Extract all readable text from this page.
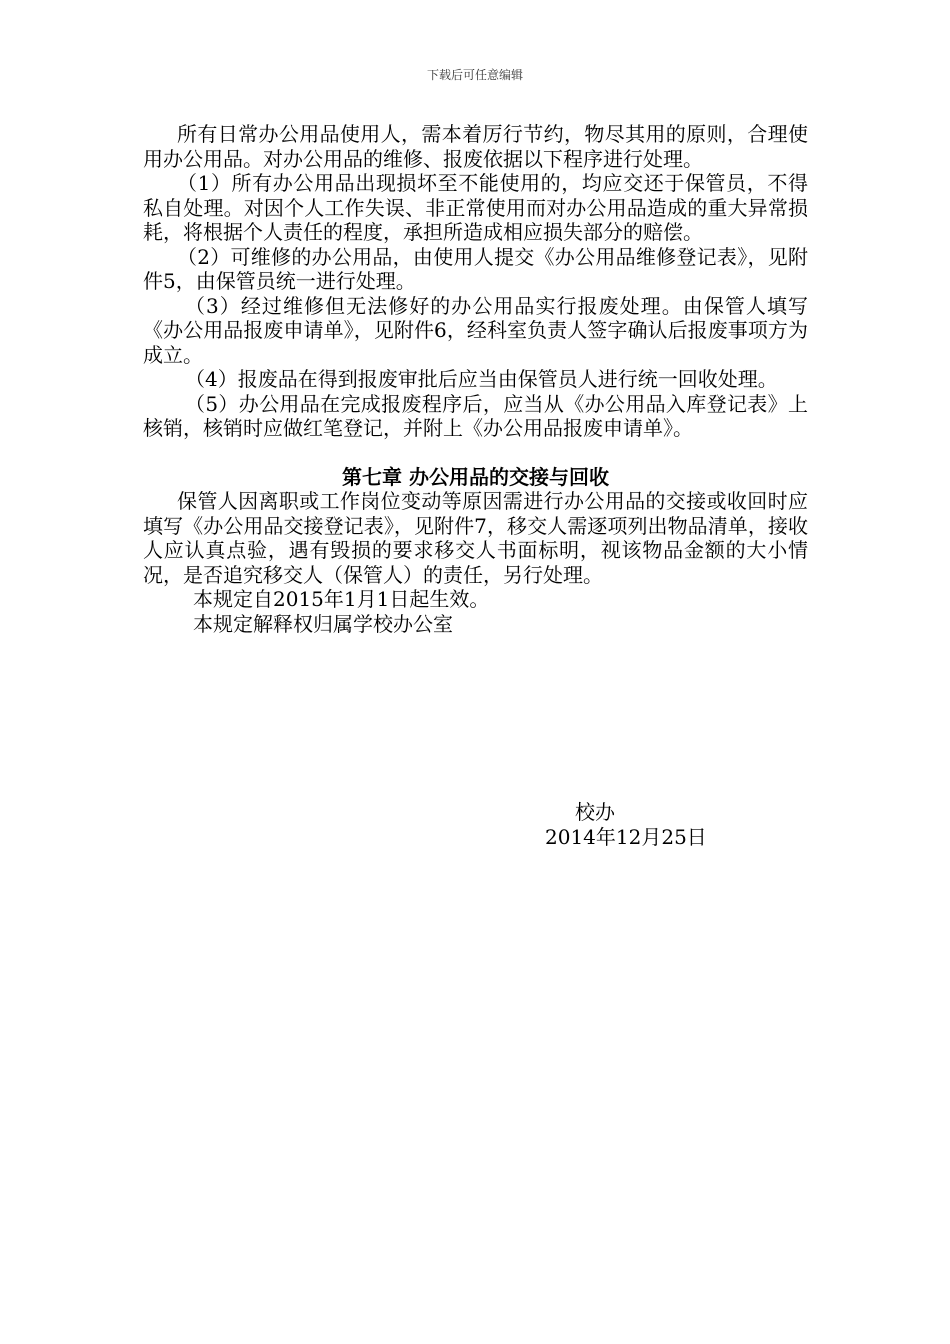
下载后可任意编辑

所有日常办公用品使用人，需本着厉行节约，物尽其用的原则，合理使用办公用品。对办公用品的维修、报废依据以下程序进行处理。

（1）所有办公用品出现损坏至不能使用的，均应交还于保管员，不得私自处理。对因个人工作失误、非正常使用而对办公用品造成的重大异常损耗，将根据个人责任的程度，承担所造成相应损失部分的赔偿。

（2）可维修的办公用品，由使用人提交《办公用品维修登记表》，见附件5，由保管员统一进行处理。

（3）经过维修但无法修好的办公用品实行报废处理。由保管人填写《办公用品报废申请单》，见附件6，经科室负责人签字确认后报废事项方为成立。

（4）报废品在得到报废审批后应当由保管员人进行统一回收处理。

（5）办公用品在完成报废程序后，应当从《办公用品入库登记表》上核销，核销时应做红笔登记，并附上《办公用品报废申请单》。

第七章 办公用品的交接与回收

保管人因离职或工作岗位变动等原因需进行办公用品的交接或收回时应填写《办公用品交接登记表》，见附件7，移交人需逐项列出物品清单，接收人应认真点验，遇有毁损的要求移交人书面标明，视该物品金额的大小情况，是否追究移交人（保管人）的责任，另行处理。

本规定自2015年1月1日起生效。

本规定解释权归属学校办公室

校办
2014年12月25日
